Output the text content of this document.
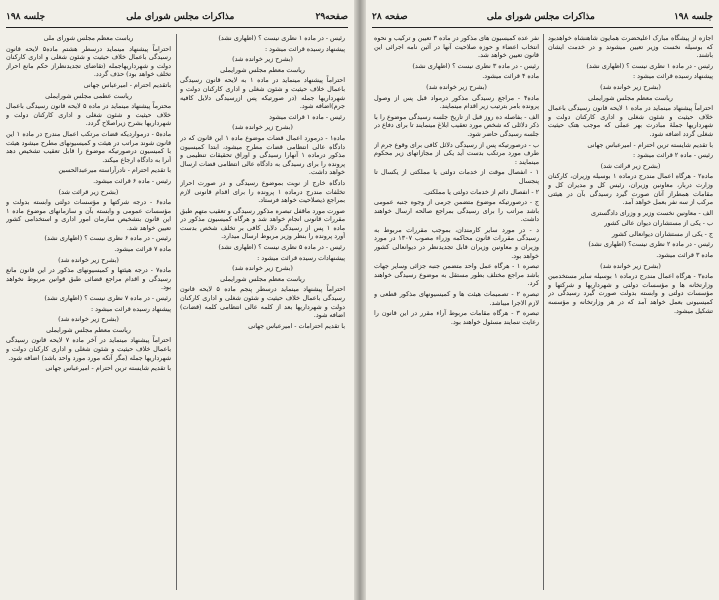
صفحه۲۹
مذاکرات مجلس شورای ملی
جلسه ۱۹۸

رئیس - در ماده ۱ نظری نیست ؟ (اظهاری نشد)

پیشنهاد رسیده قرائت میشود :

(بشرح زیر خوانده شد)

ریاست معظم مجلس شورایملی

احتراماً پیشنهاد مینماید در ماده ۱ به لایحه قانون رسیدگی باعمال خلاف حیثیت و شئون شغلی و اداری کارکنان دولت و شهرداریها جمله (در صورتیکه پس ازرسیدگی دلایل کافیه جرم)اضافه شود.

رئیس - ماده ۱ قرائت میشود

(بشرح زیر خوانده شد)

ماده۱ - درمورد اعمال قضات موضوع ماده ۱ این قانون که در دادگاه عالی انتظامی قضات مطرح میشود، ابتدا کمیسیون مذکور درماده ۱ آنهارا رسیدگی و اوراق تحقیقات تنظیمی و پرونده را برای رسیدگی به دادگاه عالی انتظامی قضات ارسال خواهد داشت.

دادگاه خارج از نوبت بموضوع رسیدگی و در صورت احراز تخلفات مندرج درماده ۱ پرونده را برای اقدام قانونی لازم بمراجع ذیصلاحیت خواهد فرستاد.

صورت مورد ماقفل تبصره مذکور رسیدگی و تعقیب متهم طبق مقررات قانونی انجام خواهد شد و هرگاه کمیسیون مذکور در ماده ۱ پس از رسیدگی دلایل کافی بر تخلف شخص بدست آورد پرونده را بنظر وزیر مربوط ارسال میدارد.

رئیس - در ماده ۵ نظری نیست ؟ (اظهاری نشد)

پیشنهادات رسیده قرائت میشود :

(بشرح زیر خوانده شد)

ریاست معظم مجلس شورایملی

احتراماً پیشنهاد مینماید درسطر پنجم ماده ۵ لایحه قانون رسیدگی باعمال خلاف حیثیت و شئون شغلی و اداری کارکنان دولت و شهرداریها بعد از کلمه عالی انتظامی کلمه (قضات) اضافه شود.

با تقدیم احترامات - امیرعباس جهانی

ریاست معظم مجلس شورای ملی

احتراماً پیشنهاد مینماید درسطر هشتم ماده۵ لایحه قانون رسیدگی باعمال خلاف حیثیت و شئون شغلی و اداری کارکنان دولت و شهرداریهاجمله (تقاضای تجدیدنظراز حکم مانع احراز تخلف خواهد بود) حذف گردد.

باتقدیم احترام - امیرعباس جهانی

ریاست عظمی مجلس شورایملی

محترماً پیشنهاد مینماید در ماده ۵ لایحه قانون رسیدگی باعمال خلاف حیثیت و شئون شغلی و اداری کارکنان دولت و شهرداریها بشرح زیراصلاح گردد.

ماده۵ - درمواردیکه قضات مرتکب اعمال مندرج در ماده ۱ این قانون شوند مراتب در هیئت و کمیسیونهای مطرح میشود هیئت با کمیسیون درصورتیکه موضوع را قابل تعقیب تشخیص دهد آنرا به دادگاه ارجاع میکند.

با تقدیم احترام - نادرآراسته میرعبدالحسین

رئیس - ماده ۶ قرائت میشود.

(بشرح زیر قرائت شد)

ماده۶ - درجه شرکتها و مؤسسات دولتی وابسته بدولت و مؤسسات عمومی و وابسته بآن و سازمانهای موضوع ماده ۱ این قانون بتشخیص سازمان امور اداری و استخدامی کشور تعیین خواهد شد.

رئیس - در ماده ۶ نظری نیست ؟ (اظهاری نشد)

ماده ۷ قرائت میشود.

(بشرح زیر خوانده شد)

ماده۷ - درجه هیئتها و کمیسیونهای مذکور در این قانون مانع رسیدگی و اقدام مراجع قضائی طبق قوانین مربوط نخواهد بود.

رئیس - در ماده ۷ نظری نیست ؟ (اظهاری نشد)

پیشنهاد رسیده قرائت میشود :

(بشرح زیر خوانده شد)

ریاست معظم مجلس شورایملی

احتراماً پیشنهاد مینماید در آخر ماده ۷ لایحه قانون رسیدگی باعمال خلاف حیثیت و شئون شغلی و اداری کارکنان دولت و شهرداریها جمله (مگر آنکه مورد مورد واحد باشد) اضافه شود.

با تقدیم شایسته ترین احترام - امیرعباس جهانی

جلسه ۱۹۸
مذاکرات مجلس شورای ملی
صفحه ۲۸

اجازه از پیشگاه مبارک اعلیحضرت همایون شاهنشاه خواهدبود که بوسیله نخست وزیر تعیین میشوند و در خدمت ایشان باشند.

رئیس - در ماده ۱ نظری نیست ؟ (اظهاری نشد)

پیشنهاد رسیده قرائت میشود :

(بشرح زیر خوانده شد)

ریاست معظم مجلس شورایملی

احتراماً پیشنهاد مینماید در ماده ۱ لایحه قانون رسیدگی باعمال خلاف حیثیت و شئون شغلی و اداری کارکنان دولت و شهرداریها جملهٔ مبادرت بهر عملی که موجب هتک حیثیت شغلی گردد اضافه شود.

با تقدیم شایسته ترین احترام - امیرعباس جهانی

رئیس - ماده ۲ قرائت میشود :

(بشرح زیر قرائت شد)

ماده۲ - هرگاه اعمال مندرج درماده ۱ بوسیله وزیران، کارکنان وزارت دربار، معاونین وزیران، رئیس کل و مدیران کل و مقامات همطراز آنان صورت گیرد رسیدگی بآن در هیئتی مرکب از سه نفر بعمل خواهد آمد.

الف - معاونین نخست وزیر و وزرای دادگستری

ب - یکی از مستشاران دیوان عالی کشور

ج - یکی از مستشاران دیوانعالی کشور

رئیس - در ماده ۲ نظری نیست؟ (اظهاری نشد)

ماده ۳ قرائت میشود.

(بشرح زیر خوانده شد)

ماده۳ - هرگاه اعمال مندرج درماده ۱ بوسیله سایر مستخدمین وزارتخانه ها و مؤسسات دولتی و شهرداریها و شرکتها و مؤسسات دولتی و وابسته بدولت صورت گیرد رسیدگی در کمیسیونی بعمل خواهد آمد که در هر وزارتخانه و مؤسسه تشکیل میشود.

نفر عده کمیسیون های مذکور در ماده ۳ تعیین و ترکیب و نحوه انتخاب اعضاء و حوزه صلاحیت آنها در آئین نامه اجرائی این قانون تعیین خواهد شد.

رئیس - در ماده ۳ نظری نیست ؟ (اظهاری نشد)

ماده ۴ قرائت میشود.

(بشرح زیر خوانده شد)

ماده۴ - مراجع رسیدگی مذکور درمواد قبل پس از وصول پرونده بامر بترتیب زیر اقدام مینمایند.

الف - بفاصله ده روز قبل از تاریخ جلسه رسیدگی موضوع را با ذکر دلائلی که شخص مورد تعقیب ابلاغ مینمایند تا برای دفاع در جلسه رسیدگی حاضر شود.

ب - درصورتیکه پس از رسیدگی دلائل کافی برای وقوع جرم از طرف مورد مرتکب بدست آید یکی از مجازاتهای زیر محکوم مینمایند :

۱ - انفصال موقت از خدمات دولتی یا مملکتی از یکسال تا پنجسال

۲ - انفصال دائم از خدمات دولتی یا مملکتی.

ج - درصورتیکه موضوع متضمن جرمی از وجوه جنبه عمومی باشد مراتب را برای رسیدگی بمراجع صالحه ارسال خواهند داشت.

د - در مورد سایر کارمندان، بموجب مقررات مربوط به رسیدگی مقررات قانون محاکمه وزراء مصوب ۱۳۰۷ در مورد وزیران و معاونین وزیران قابل تجدیدنظر در دیوانعالی کشور خواهد بود.

تبصره ۱ - هرگاه عمل واحد متضمن جنبه جزائی وسایر جهات باشد مراجع مختلف بطور مستقل به موضوع رسیدگی خواهند کرد.

تبصره ۲ - تصمیمات هیئت ها و کمیسیونهای مذکور قطعی و لازم الاجرا میباشد.

تبصره ۳ - هرگاه مقامات مربوط آراء مقرر در این قانون را رعایت ننمایند مسئول خواهند بود.
